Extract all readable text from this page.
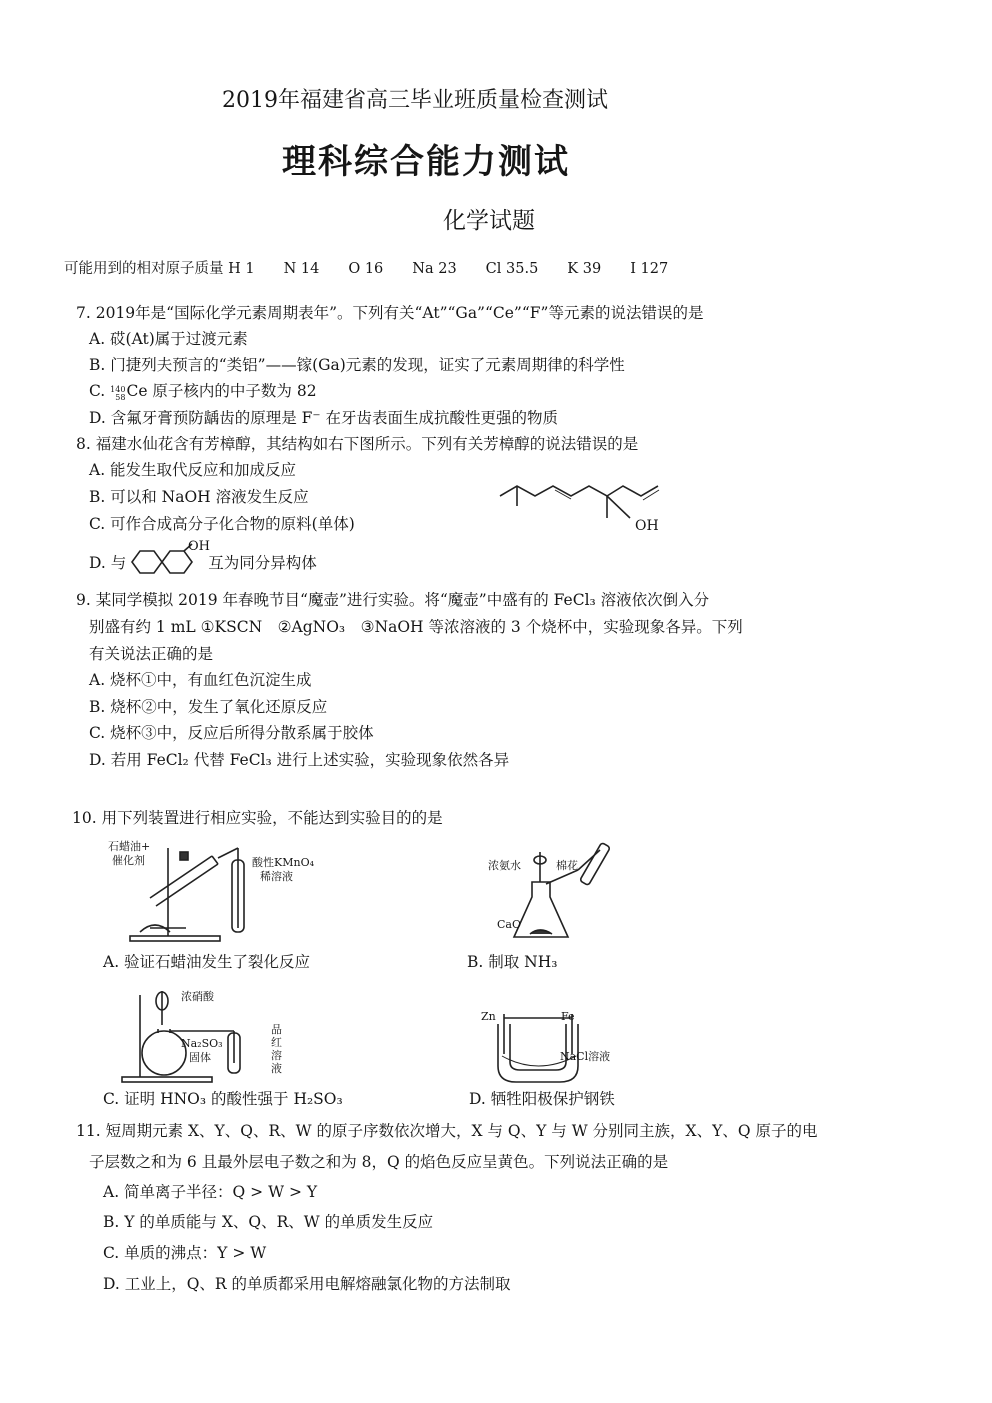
2019年福建省高三毕业班质量检查测试
理科综合能力测试
化学试题
可能用到的相对原子质量 H 1　　N 14　　O 16　　Na 23　　Cl 35.5　　K 39　　I 127
7. 2019年是“国际化学元素周期表年”。下列有关“At”“Ga”“Ce”“F”等元素的说法错误的是
A. 砹(At)属于过渡元素
B. 门捷列夫预言的“类铝”——镓(Ga)元素的发现，证实了元素周期律的科学性
C. 140
58Ce 原子核内的中子数为 82
D. 含氟牙膏预防龋齿的原理是 F⁻ 在牙齿表面生成抗酸性更强的物质
8. 福建水仙花含有芳樟醇，其结构如右下图所示。下列有关芳樟醇的说法错误的是
A. 能发生取代反应和加成反应
B. 可以和 NaOH 溶液发生反应
C. 可作合成高分子化合物的原料(单体)	OH
D. 与	互为同分异构体
OH
9. 某同学模拟 2019 年春晚节目“魔壶”进行实验。将“魔壶”中盛有的 FeCl₃ 溶液依次倒入分
别盛有约 1 mL ①KSCN　②AgNO₃　③NaOH 等浓溶液的 3 个烧杯中，实验现象各异。下列
有关说法正确的是
A. 烧杯①中，有血红色沉淀生成
B. 烧杯②中，发生了氧化还原反应
C. 烧杯③中，反应后所得分散系属于胶体
D. 若用 FeCl₂ 代替 FeCl₃ 进行上述实验，实验现象依然各异
10. 用下列装置进行相应实验，不能达到实验目的的是
石蜡油+
催化剂	酸性KMnO₄
稀溶液
A. 验证石蜡油发生了裂化反应
浓氨水	棉花
CaO
B. 制取 NH₃
浓硝酸
Na₂SO₃
固体
品
红
溶
液
C. 证明 HNO₃ 的酸性强于 H₂SO₃
Zn	Fe
NaCl溶液
D. 牺牲阳极保护钢铁
11. 短周期元素 X、Y、Q、R、W 的原子序数依次增大，X 与 Q、Y 与 W 分别同主族，X、Y、Q 原子的电
子层数之和为 6 且最外层电子数之和为 8，Q 的焰色反应呈黄色。下列说法正确的是
A. 简单离子半径：Q > W > Y
B. Y 的单质能与 X、Q、R、W 的单质发生反应
C. 单质的沸点：Y > W
D. 工业上，Q、R 的单质都采用电解熔融氯化物的方法制取
